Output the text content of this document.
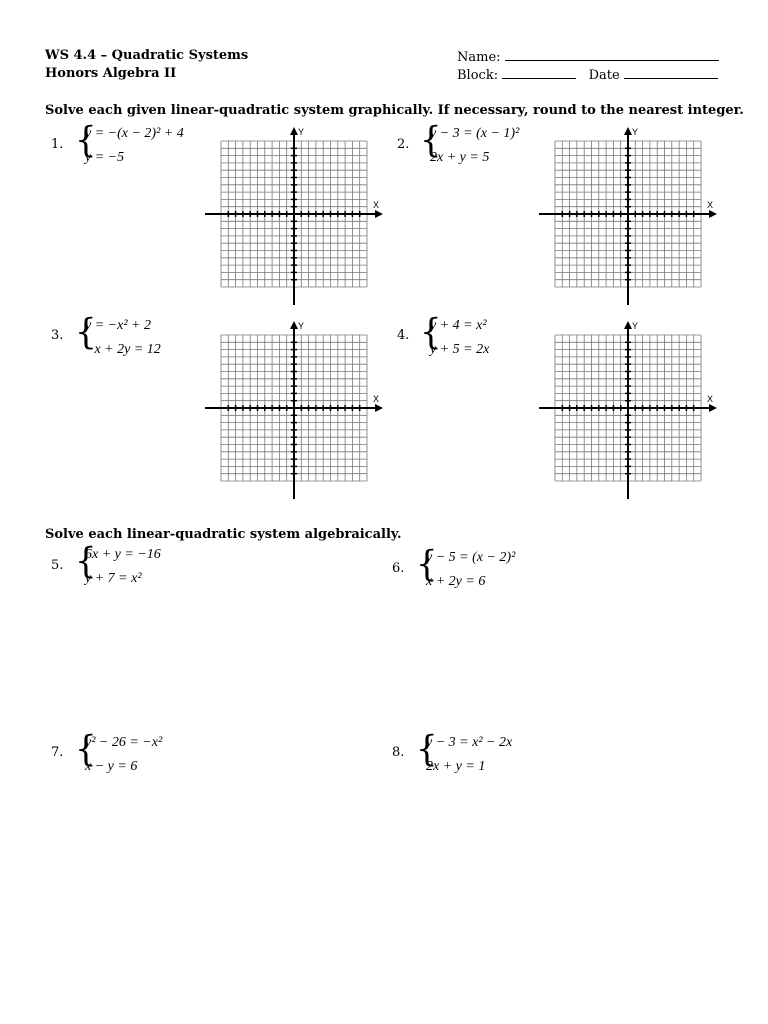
WS 4.4 – Quadratic Systems
Honors Algebra II
Name:
Block:	Date
Solve each given linear-quadratic system graphically. If necessary, round to the nearest integer.
1. {
y = −(x − 2)² + 4
y = −5
X
Y
2. {
y − 3 = (x − 1)²
2x + y = 5
X
Y
3. {
y = −x² + 2
−x + 2y = 12
X
Y
4. {
y + 4 = x²
y + 5 = 2x
X
Y
Solve each linear-quadratic system algebraically.
5. {
6x + y = −16
y + 7 = x²
6. {
y − 5 = (x − 2)²
x + 2y = 6
7. {
y² − 26 = −x²
x − y = 6
8. {
y − 3 = x² − 2x
2x + y = 1
